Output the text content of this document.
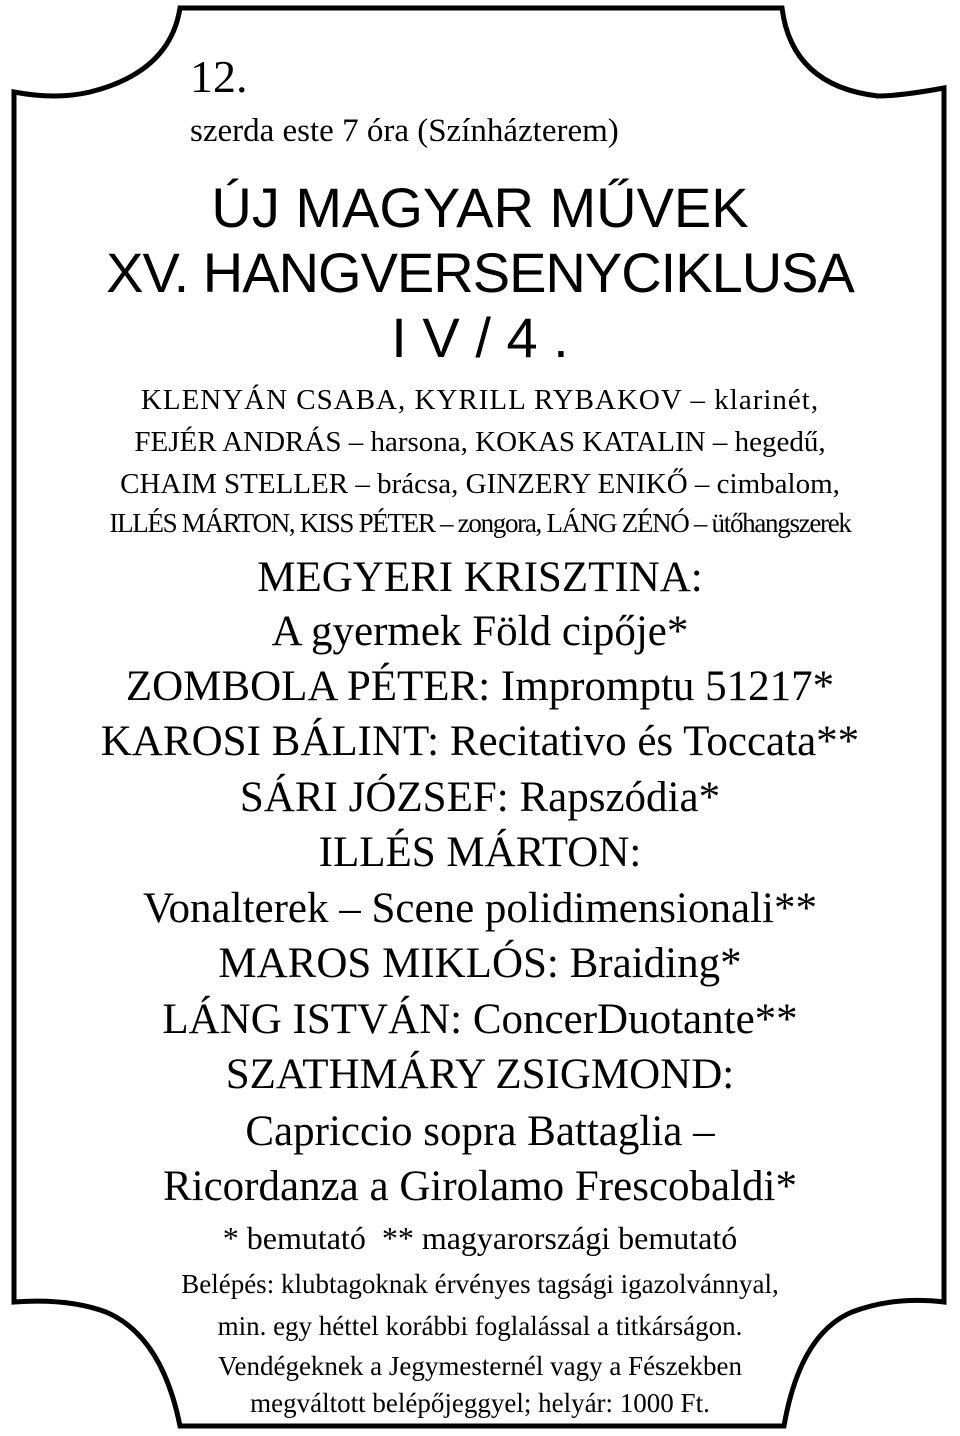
12.
szerda este 7 óra (Színházterem)
ÚJ MAGYAR MŰVEK
XV. HANGVERSENYCIKLUSA
I V / 4 .
KLENYÁN CSABA, KYRILL RYBAKOV – klarinét,
FEJÉR ANDRÁS – harsona, KOKAS KATALIN – hegedű,
CHAIM STELLER – brácsa, GINZERY ENIKŐ – cimbalom,
ILLÉS MÁRTON, KISS PÉTER – zongora, LÁNG ZÉNÓ – ütőhangszerek
MEGYERI KRISZTINA:
A gyermek Föld cipője*
ZOMBOLA PÉTER: Impromptu 51217*
KAROSI BÁLINT: Recitativo és Toccata**
SÁRI JÓZSEF: Rapszódia*
ILLÉS MÁRTON:
Vonalterek – Scene polidimensionali**
MAROS MIKLÓS: Braiding*
LÁNG ISTVÁN: ConcerDuotante**
SZATHMÁRY ZSIGMOND:
Capriccio sopra Battaglia –
Ricordanza a Girolamo Frescobaldi*
* bemutató  ** magyarországi bemutató
Belépés: klubtagoknak érvényes tagsági igazolvánnyal,
min. egy héttel korábbi foglalással a titkárságon.
Vendégeknek a Jegymesternél vagy a Fészekben
megváltott belépőjeggyel; helyár: 1000 Ft.
